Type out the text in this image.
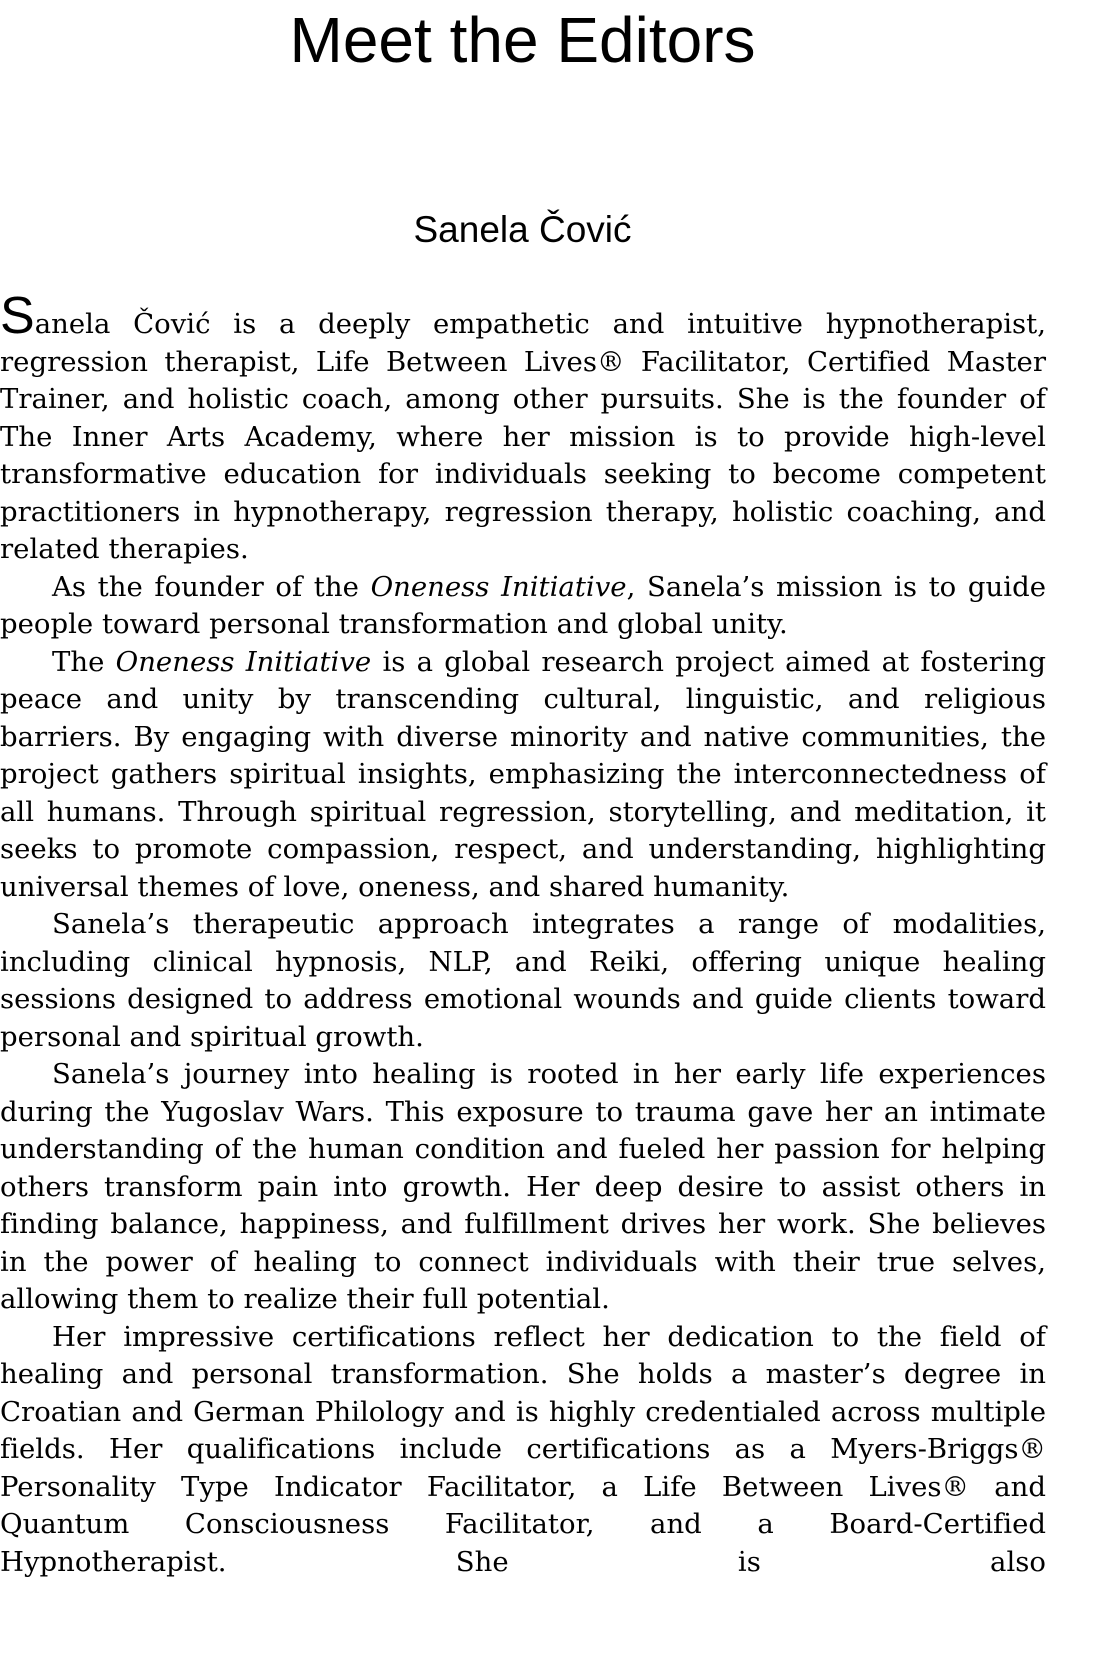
Meet the Editors
Sanela Čović

Sanela Čović is a deeply empathetic and intuitive hypnotherapist, regression therapist, Life Between Lives® Facilitator, Certified Master Trainer, and holistic coach, among other pursuits. She is the founder of The Inner Arts Academy, where her mission is to provide high-level transformative education for individuals seeking to become competent practitioners in hypnotherapy, regression therapy, holistic coaching, and related therapies.

As the founder of the Oneness Initiative, Sanela’s mission is to guide people toward personal transformation and global unity.

The Oneness Initiative is a global research project aimed at fostering peace and unity by transcending cultural, linguistic, and religious barriers. By engaging with diverse minority and native communities, the project gathers spiritual insights, emphasizing the interconnectedness of all humans. Through spiritual regression, storytelling, and meditation, it seeks to promote compassion, respect, and understanding, highlighting universal themes of love, oneness, and shared humanity.

Sanela’s therapeutic approach integrates a range of modalities, including clinical hypnosis, NLP, and Reiki, offering unique healing sessions designed to address emotional wounds and guide clients toward personal and spiritual growth.

Sanela’s journey into healing is rooted in her early life experiences during the Yugoslav Wars. This exposure to trauma gave her an intimate understanding of the human condition and fueled her passion for helping others transform pain into growth. Her deep desire to assist others in finding balance, happiness, and fulfillment drives her work. She believes in the power of healing to connect individuals with their true selves, allowing them to realize their full potential.

Her impressive certifications reflect her dedication to the field of healing and personal transformation. She holds a master’s degree in Croatian and German Philology and is highly credentialed across multiple fields. Her qualifications include certifications as a Myers-Briggs® Personality Type Indicator Facilitator, a Life Between Lives® and Quantum Consciousness Facilitator, and a Board-Certified Hypnotherapist. She is also
